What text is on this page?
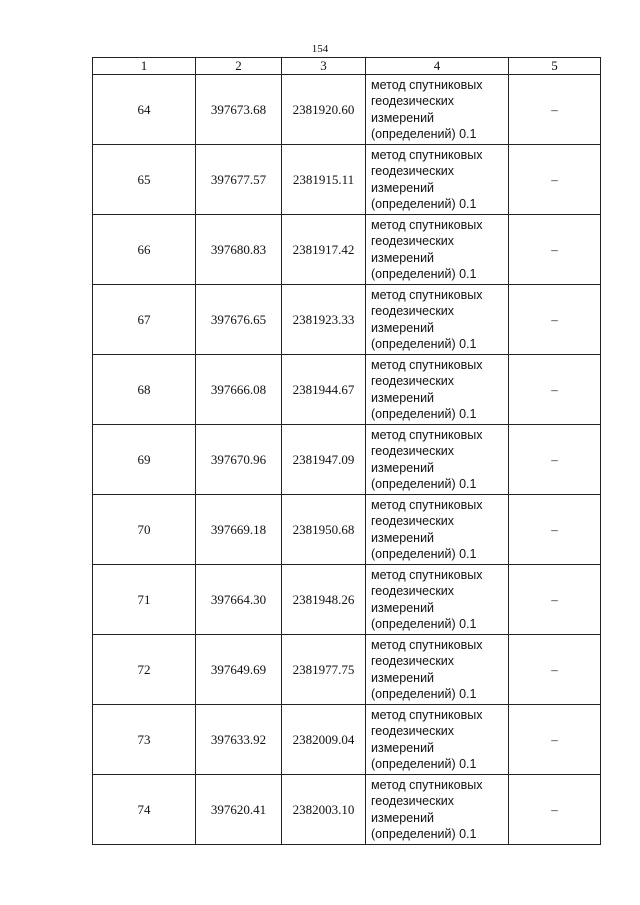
154
1	2	3	4	5
64	397673.68	2381920.60	метод спутниковых
геодезических
измерений
(определений) 0.1	–
65	397677.57	2381915.11	метод спутниковых
геодезических
измерений
(определений) 0.1	–
66	397680.83	2381917.42	метод спутниковых
геодезических
измерений
(определений) 0.1	–
67	397676.65	2381923.33	метод спутниковых
геодезических
измерений
(определений) 0.1	–
68	397666.08	2381944.67	метод спутниковых
геодезических
измерений
(определений) 0.1	–
69	397670.96	2381947.09	метод спутниковых
геодезических
измерений
(определений) 0.1	–
70	397669.18	2381950.68	метод спутниковых
геодезических
измерений
(определений) 0.1	–
71	397664.30	2381948.26	метод спутниковых
геодезических
измерений
(определений) 0.1	–
72	397649.69	2381977.75	метод спутниковых
геодезических
измерений
(определений) 0.1	–
73	397633.92	2382009.04	метод спутниковых
геодезических
измерений
(определений) 0.1	–
74	397620.41	2382003.10	метод спутниковых
геодезических
измерений
(определений) 0.1	–
